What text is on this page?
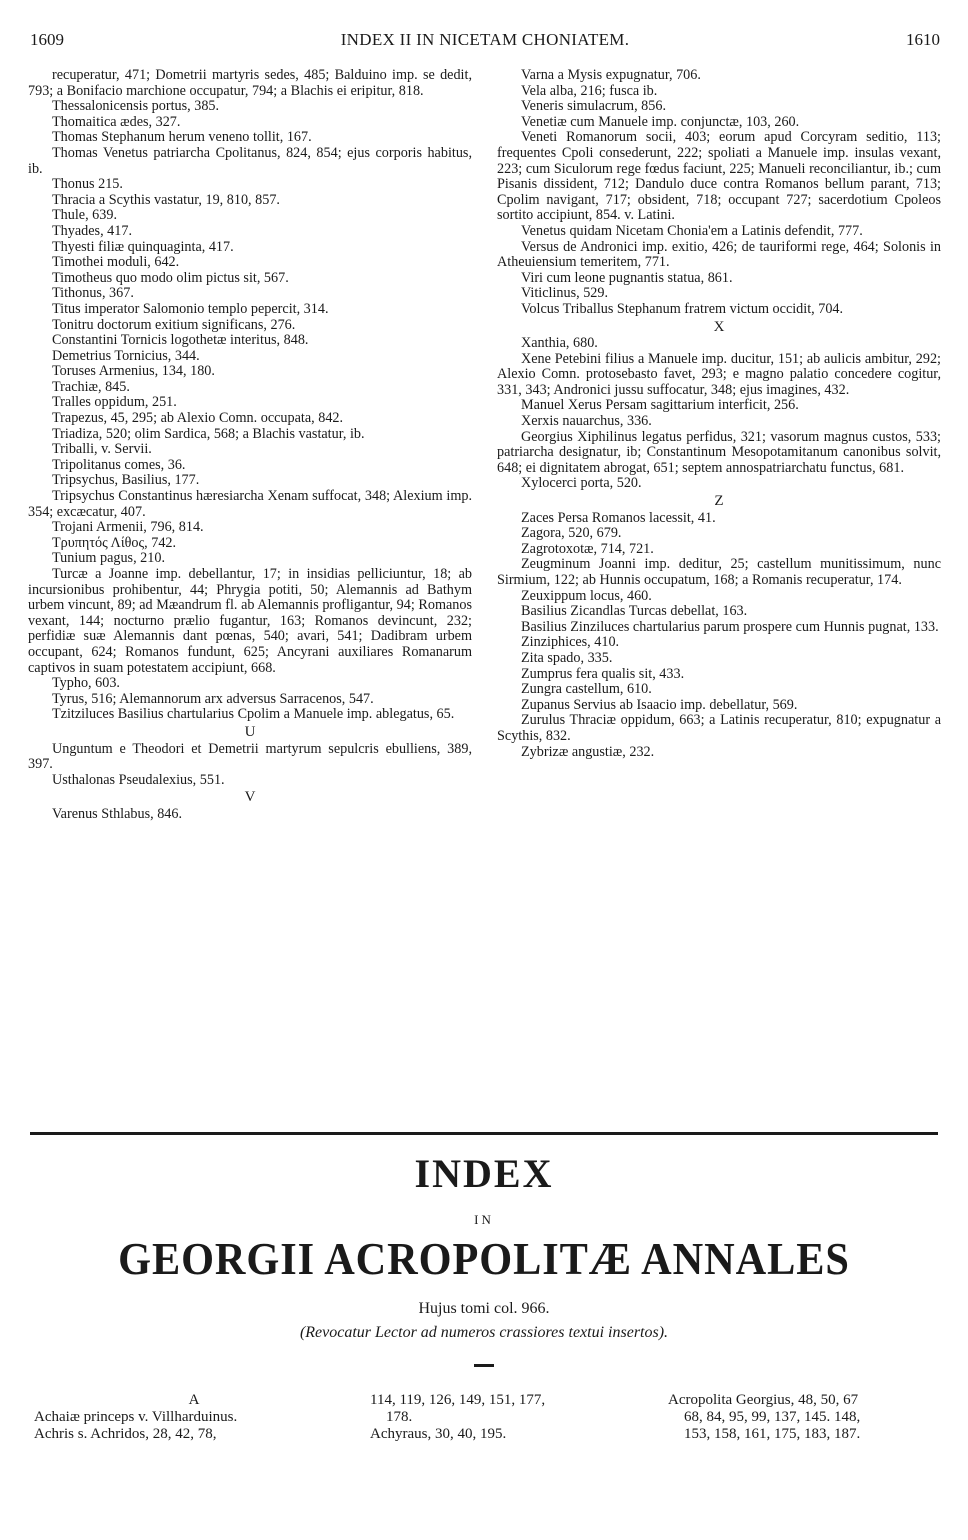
1609	INDEX II IN NICETAM CHONIATEM.	1610

recuperatur, 471; Dometrii martyris sedes, 485; Balduino imp. se dedit, 793; a Bonifacio marchione occupatur, 794; a Blachis ei eripitur, 818.

Thessalonicensis portus, 385.

Thomaitica ædes, 327.

Thomas Stephanum herum veneno tollit, 167.

Thomas Venetus patriarcha Cpolitanus, 824, 854; ejus corporis habitus, ib.

Thonus 215.

Thracia a Scythis vastatur, 19, 810, 857.

Thule, 639.

Thyades, 417.

Thyesti filiæ quinquaginta, 417.

Timothei moduli, 642.

Timotheus quo modo olim pictus sit, 567.

Tithonus, 367.

Titus imperator Salomonio templo pepercit, 314.

Tonitru doctorum exitium significans, 276.

Constantini Tornicis logothetæ interitus, 848.

Demetrius Tornicius, 344.

Toruses Armenius, 134, 180.

Trachiæ, 845.

Tralles oppidum, 251.

Trapezus, 45, 295; ab Alexio Comn. occupata, 842.

Triadiza, 520; olim Sardica, 568; a Blachis vastatur, ib.

Triballi, v. Servii.

Tripolitanus comes, 36.

Tripsychus, Basilius, 177.

Tripsychus Constantinus hæresiarcha Xenam suffocat, 348; Alexium imp. 354; excæcatur, 407.

Trojani Armenii, 796, 814.

Τρυπητός Λίθος, 742.

Tunium pagus, 210.

Turcæ a Joanne imp. debellantur, 17; in insidias pelliciuntur, 18; ab incursionibus prohibentur, 44; Phrygia potiti, 50; Alemannis ad Bathym urbem vincunt, 89; ad Mæandrum fl. ab Alemannis profligantur, 94; Romanos vexant, 144; nocturno prælio fugantur, 163; Romanos devincunt, 232; perfidiæ suæ Alemannis dant pœnas, 540; avari, 541; Dadibram urbem occupant, 624; Romanos fundunt, 625; Ancyrani auxiliares Romanarum captivos in suam potestatem accipiunt, 668.

Typho, 603.

Tyrus, 516; Alemannorum arx adversus Sarracenos, 547.

Tzitziluces Basilius chartularius Cpolim a Manuele imp. ablegatus, 65.

U

Unguntum e Theodori et Demetrii martyrum sepulcris ebulliens, 389, 397.

Usthalonas Pseudalexius, 551.

V

Varenus Sthlabus, 846.

Varna a Mysis expugnatur, 706.

Vela alba, 216; fusca ib.

Veneris simulacrum, 856.

Venetiæ cum Manuele imp. conjunctæ, 103, 260.

Veneti Romanorum socii, 403; eorum apud Corcyram seditio, 113; frequentes Cpoli consederunt, 222; spoliati a Manuele imp. insulas vexant, 223; cum Siculorum rege fœdus faciunt, 225; Manueli reconciliantur, ib.; cum Pisanis dissident, 712; Dandulo duce contra Romanos bellum parant, 713; Cpolim navigant, 717; obsident, 718; occupant 727; sacerdotium Cpoleos sortito accipiunt, 854. v. Latini.

Venetus quidam Nicetam Chonia'em a Latinis defendit, 777.

Versus de Andronici imp. exitio, 426; de tauriformi rege, 464; Solonis in Atheuiensium temeritem, 771.

Viri cum leone pugnantis statua, 861.

Viticlinus, 529.

Volcus Triballus Stephanum fratrem victum occidit, 704.

X

Xanthia, 680.

Xene Petebini filius a Manuele imp. ducitur, 151; ab aulicis ambitur, 292; Alexio Comn. protosebasto favet, 293; e magno palatio concedere cogitur, 331, 343; Andronici jussu suffocatur, 348; ejus imagines, 432.

Manuel Xerus Persam sagittarium interficit, 256.

Xerxis nauarchus, 336.

Georgius Xiphilinus legatus perfidus, 321; vasorum magnus custos, 533; patriarcha designatur, ib; Constantinum Mesopotamitanum canonibus solvit, 648; ei dignitatem abrogat, 651; septem annospatriarchatu functus, 681.

Xylocerci porta, 520.

Z

Zaces Persa Romanos lacessit, 41.

Zagora, 520, 679.

Zagrotoxotæ, 714, 721.

Zeugminum Joanni imp. deditur, 25; castellum munitissimum, nunc Sirmium, 122; ab Hunnis occupatum, 168; a Romanis recuperatur, 174.

Zeuxippum locus, 460.

Basilius Zicandlas Turcas debellat, 163.

Basilius Zinziluces chartularius parum prospere cum Hunnis pugnat, 133.

Zinziphices, 410.

Zita spado, 335.

Zumprus fera qualis sit, 433.

Zungra castellum, 610.

Zupanus Servius ab Isaacio imp. debellatur, 569.

Zurulus Thraciæ oppidum, 663; a Latinis recuperatur, 810; expugnatur a Scythis, 832.

Zybrizæ angustiæ, 232.

INDEX
IN
GEORGII ACROPOLITÆ ANNALES
Hujus tomi col. 966.
(Revocatur Lector ad numeros crassiores textui insertos).

A

Achaiæ princeps v. Villharduinus.

Achris s. Achridos, 28, 42, 78,

114, 119, 126, 149, 151, 177,

178.

Achyraus, 30, 40, 195.

Acropolita Georgius, 48, 50, 67

68, 84, 95, 99, 137, 145. 148,

153, 158, 161, 175, 183, 187.
